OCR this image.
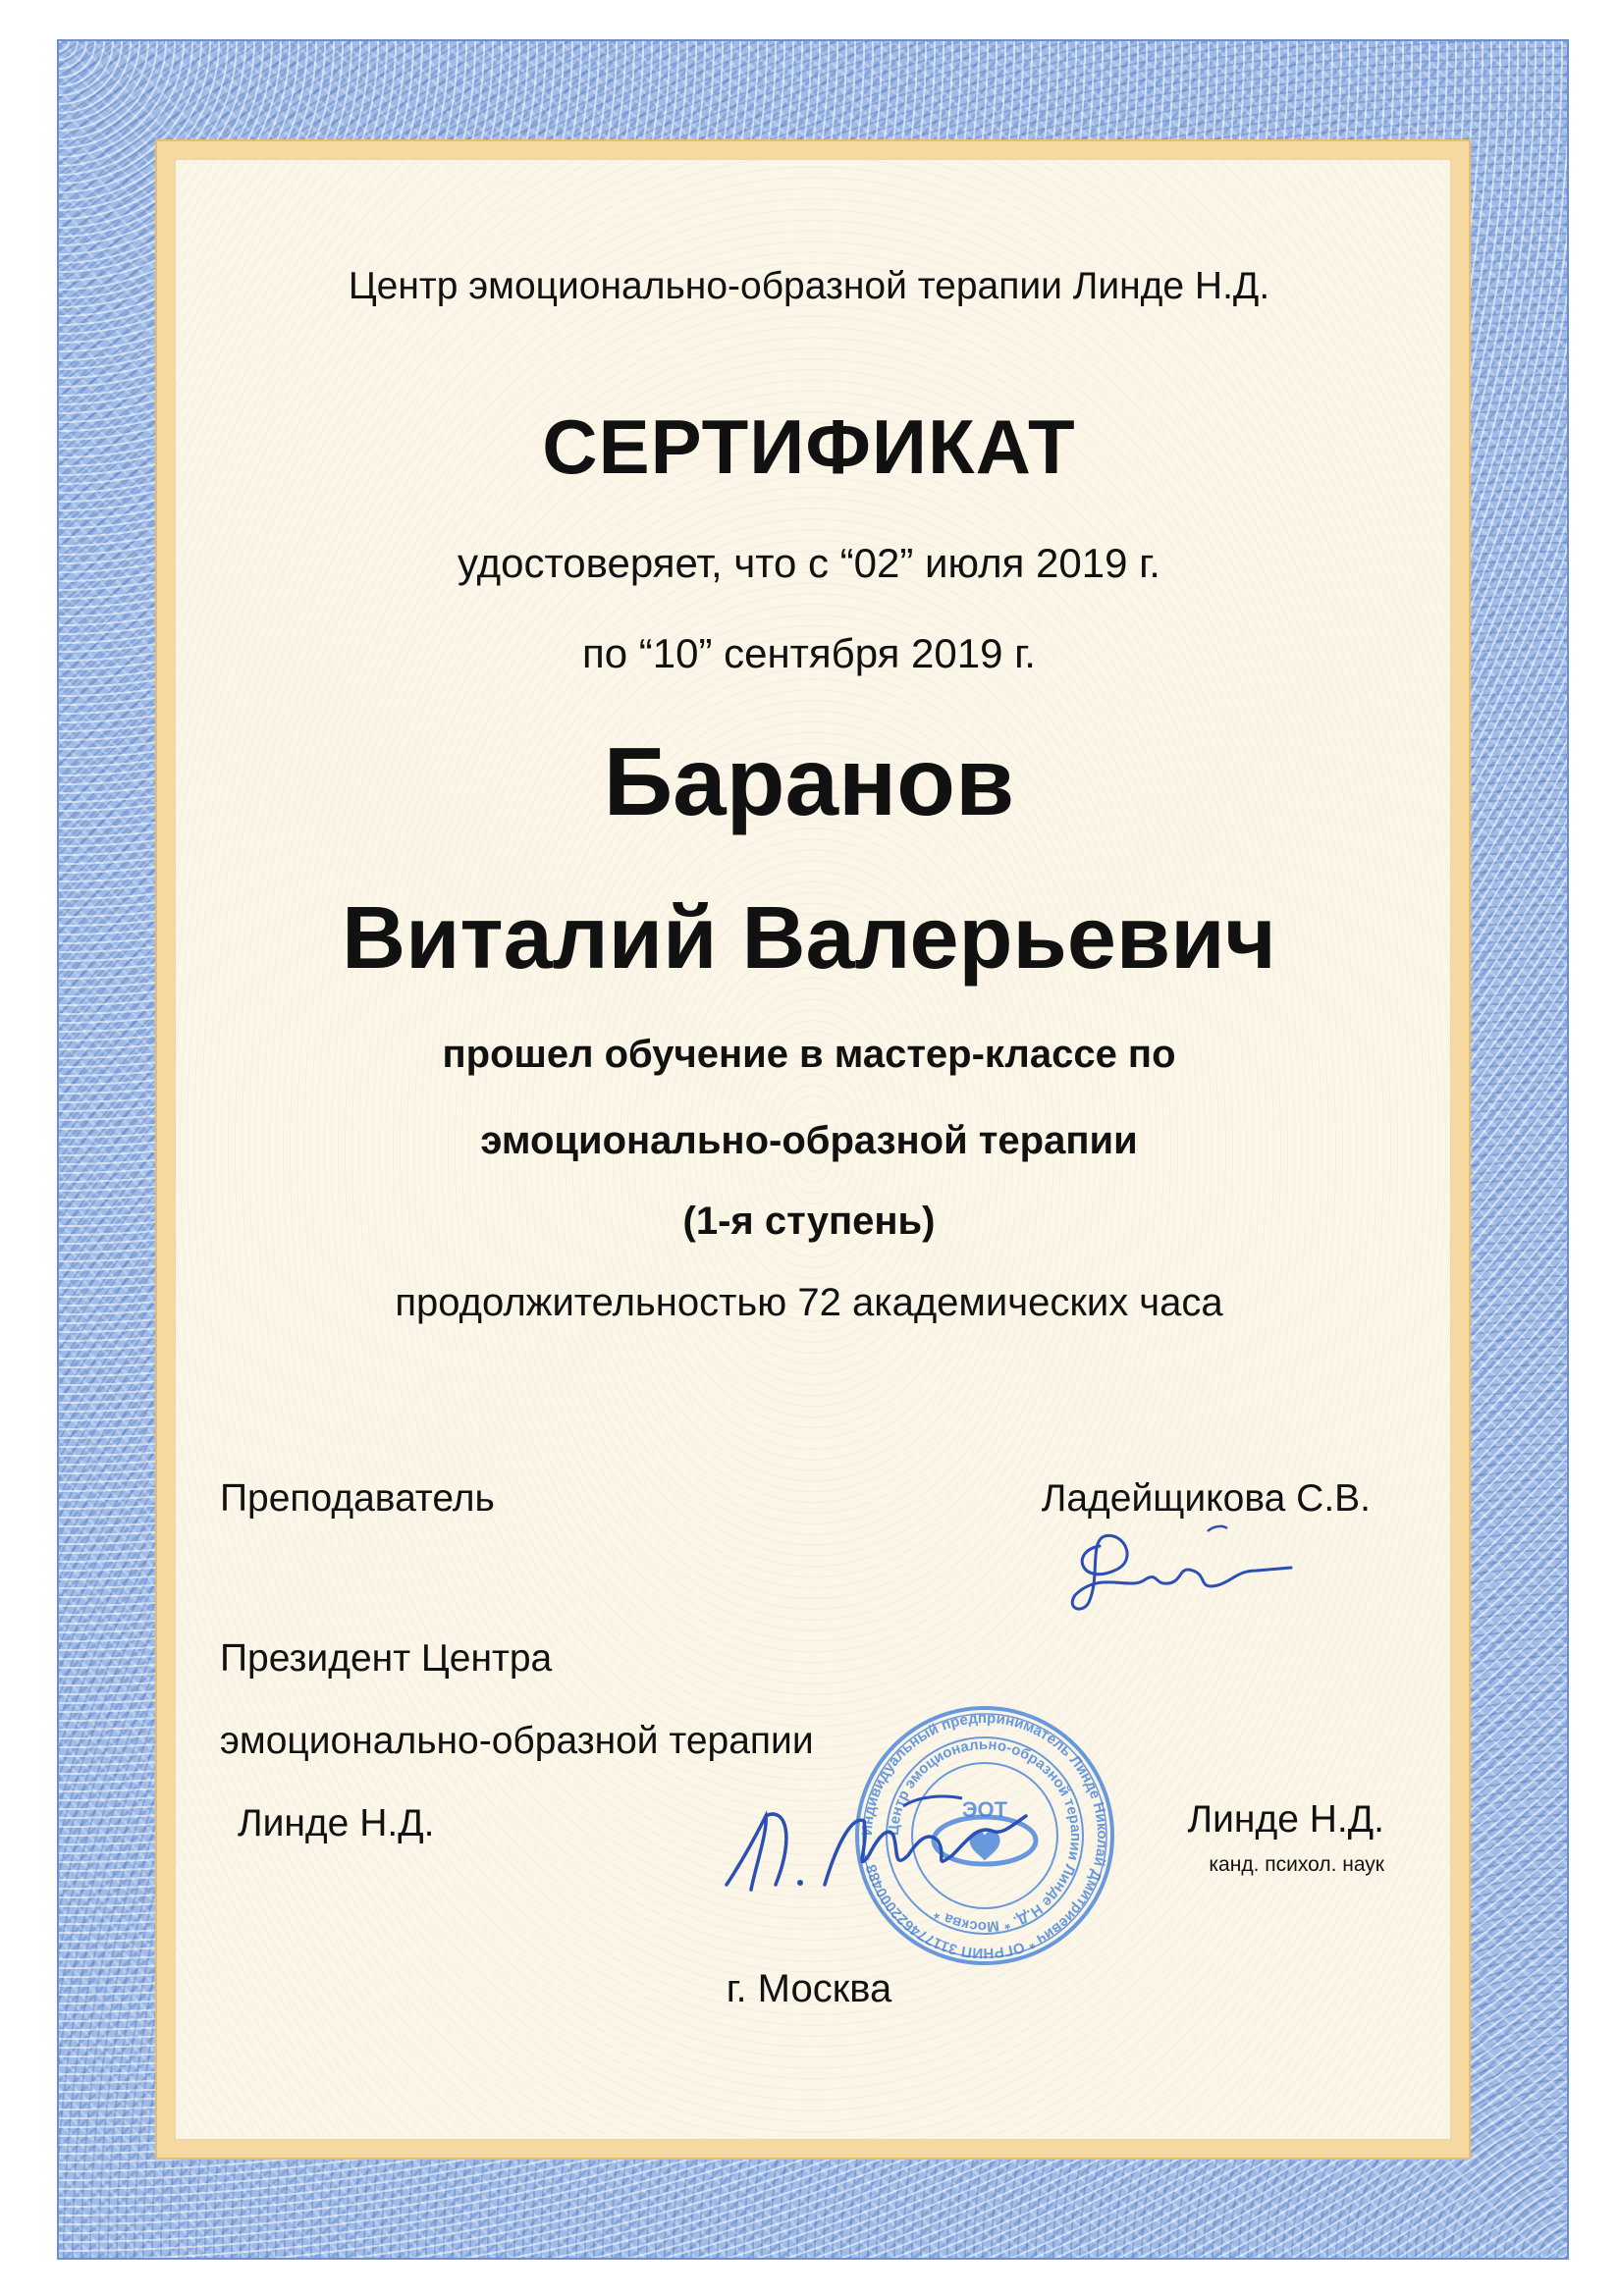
Центр эмоционально-образной терапии Линде Н.Д.
СЕРТИФИКАТ
удостоверяет, что с “02” июля 2019 г.
по “10” сентября 2019 г.
Баранов
Виталий Валерьевич
прошел обучение в мастер-классе по
эмоционально-образной терапии
(1-я ступень)
продолжительностью 72 академических часа
Преподаватель	Ладейщикова С.В.
Президент Центра
эмоционально-образной терапии
Линде Н.Д.	Линде Н.Д.
канд. психол. наук
Индивидуальный предприниматель Линде Николай Дмитриевич * ОГРНИП 311774622000488 *
Центр эмоционально-образной терапии Линде Н.Д. * Москва *
ЭОТ
г. Москва
